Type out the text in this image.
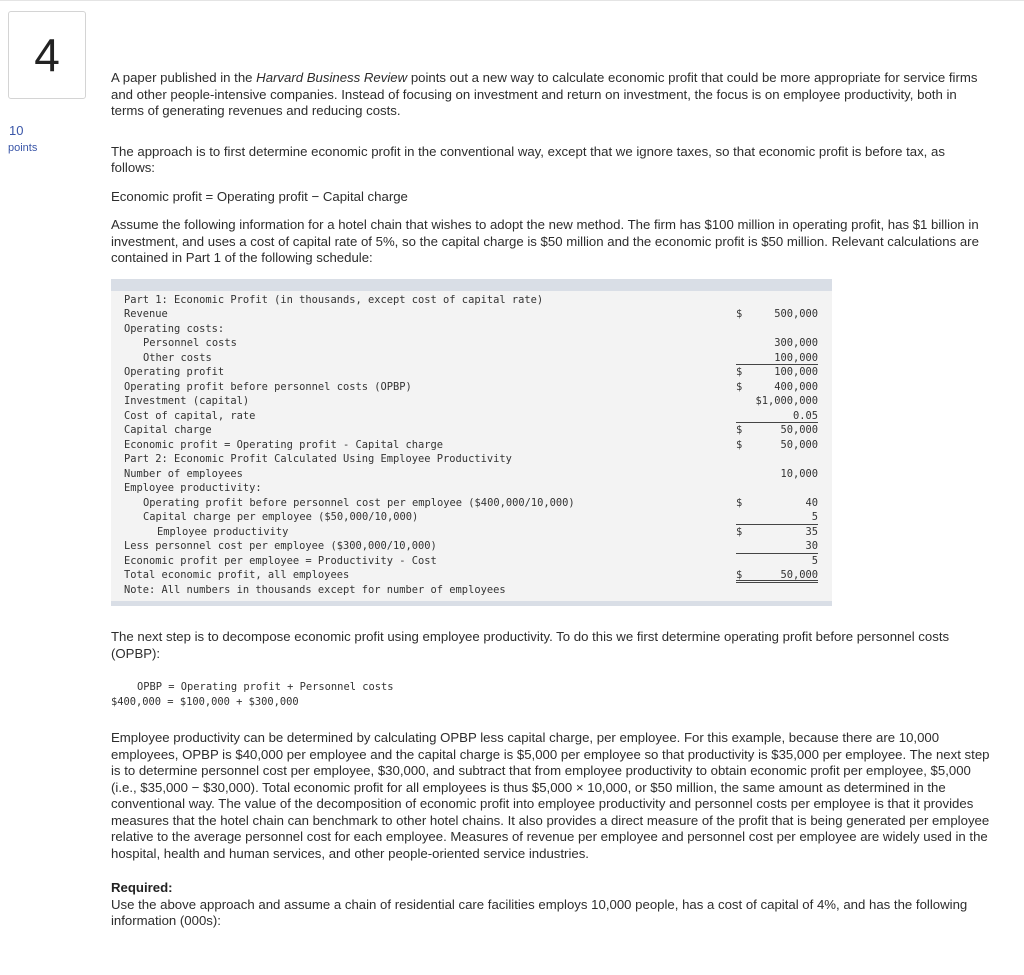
4
10
points

A paper published in the Harvard Business Review points out a new way to calculate economic profit that could be more appropriate for service firms and other people-intensive companies. Instead of focusing on investment and return on investment, the focus is on employee productivity, both in terms of generating revenues and reducing costs.

The approach is to first determine economic profit in the conventional way, except that we ignore taxes, so that economic profit is before tax, as follows:

Economic profit = Operating profit − Capital charge

Assume the following information for a hotel chain that wishes to adopt the new method. The firm has $100 million in operating profit, has $1 billion in investment, and uses a cost of capital rate of 5%, so the capital charge is $50 million and the economic profit is $50 million. Relevant calculations are contained in Part 1 of the following schedule:

Part 1: Economic Profit (in thousands, except cost of capital rate)
Revenue	$	500,000
Operating costs:
Personnel costs	300,000
Other costs	100,000
Operating profit	$	100,000
Operating profit before personnel costs (OPBP)	$	400,000
Investment (capital)	$1,000,000
Cost of capital, rate	0.05
Capital charge	$	50,000
Economic profit = Operating profit - Capital charge	$	50,000
Part 2: Economic Profit Calculated Using Employee Productivity
Number of employees	10,000
Employee productivity:
Operating profit before personnel cost per employee ($400,000/10,000)	$	40
Capital charge per employee ($50,000/10,000)	5
Employee productivity	$	35
Less personnel cost per employee ($300,000/10,000)	30
Economic profit per employee = Productivity - Cost	5
Total economic profit, all employees	$	50,000
Note: All numbers in thousands except for number of employees

The next step is to decompose economic profit using employee productivity. To do this we first determine operating profit before personnel costs (OPBP):

OPBP = Operating profit + Personnel costs
$400,000 = $100,000 + $300,000

Employee productivity can be determined by calculating OPBP less capital charge, per employee. For this example, because there are 10,000 employees, OPBP is $40,000 per employee and the capital charge is $5,000 per employee so that productivity is $35,000 per employee. The next step is to determine personnel cost per employee, $30,000, and subtract that from employee productivity to obtain economic profit per employee, $5,000 (i.e., $35,000 − $30,000). Total economic profit for all employees is thus $5,000 × 10,000, or $50 million, the same amount as determined in the conventional way. The value of the decomposition of economic profit into employee productivity and personnel costs per employee is that it provides measures that the hotel chain can benchmark to other hotel chains. It also provides a direct measure of the profit that is being generated per employee relative to the average personnel cost for each employee. Measures of revenue per employee and personnel cost per employee are widely used in the hospital, health and human services, and other people-oriented service industries.

Required:

Use the above approach and assume a chain of residential care facilities employs 10,000 people, has a cost of capital of 4%, and has the following information (000s):
